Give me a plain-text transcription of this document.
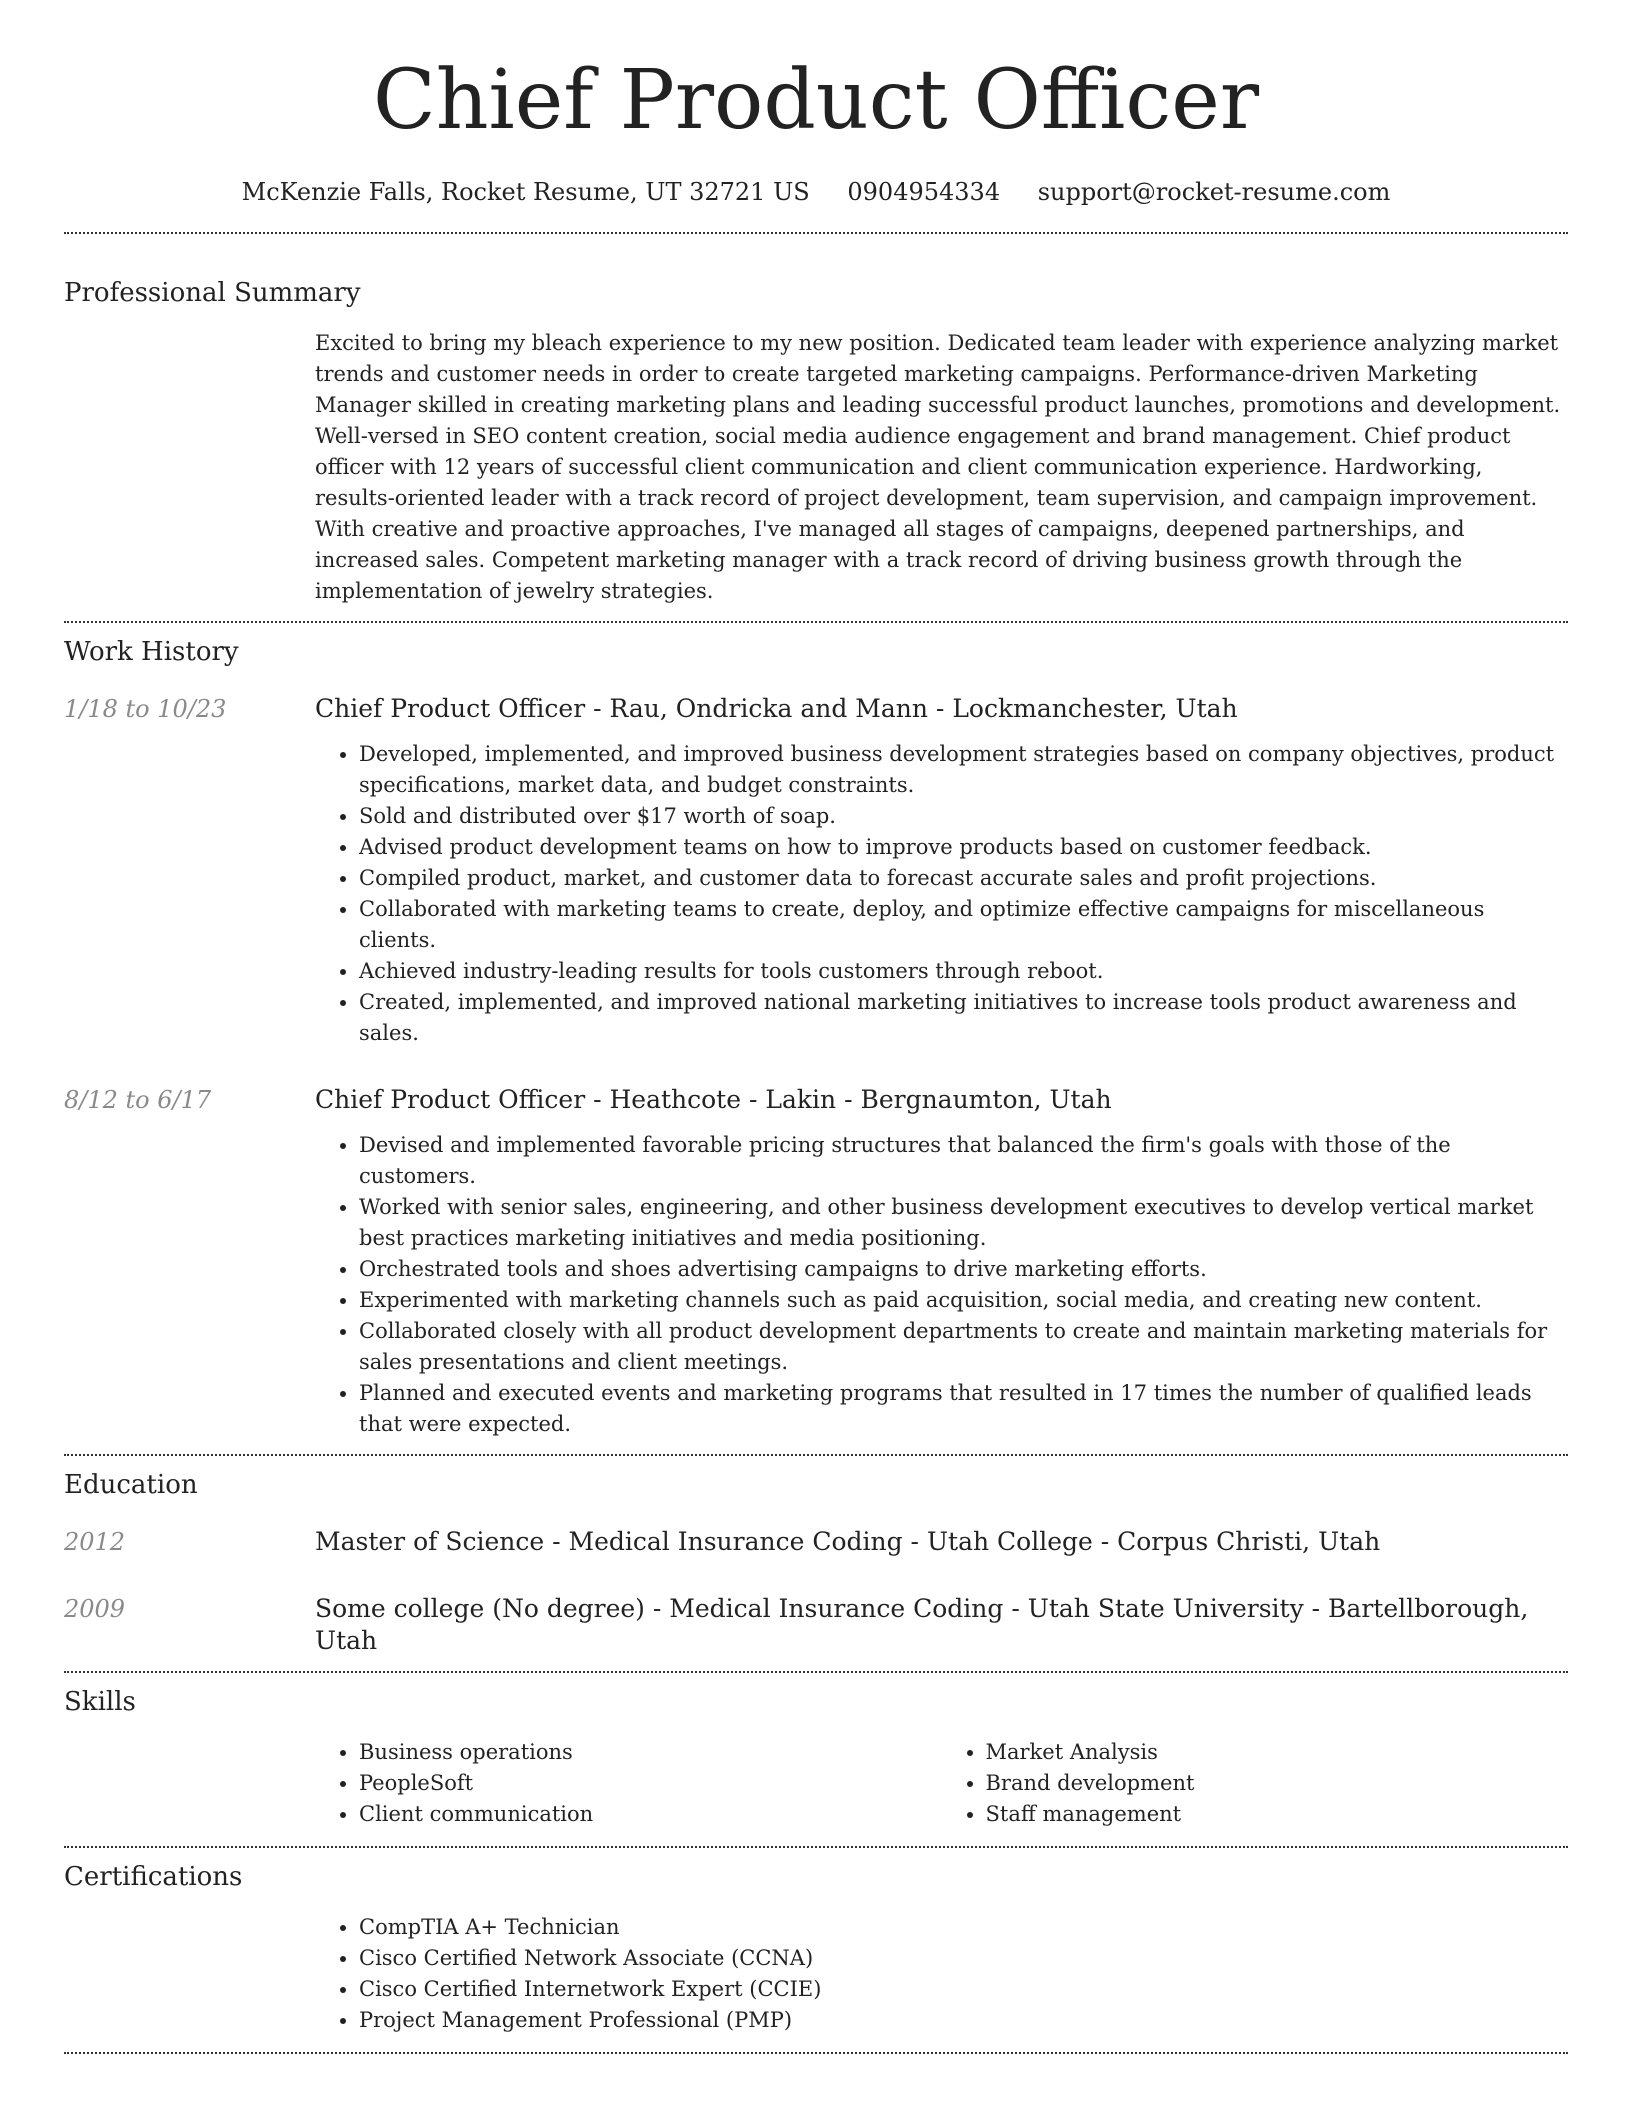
Chief Product Officer
McKenzie Falls, Rocket Resume, UT 32721 US 0904954334 support@rocket-resume.com
Professional Summary

Excited to bring my bleach experience to my new position. Dedicated team leader with experience analyzing market trends and customer needs in order to create targeted marketing campaigns. Performance-driven Marketing Manager skilled in creating marketing plans and leading successful product launches, promotions and development. Well-versed in SEO content creation, social media audience engagement and brand management. Chief product officer with 12 years of successful client communication and client communication experience. Hardworking, results-oriented leader with a track record of project development, team supervision, and campaign improvement. With creative and proactive approaches, I've managed all stages of campaigns, deepened partnerships, and increased sales. Competent marketing manager with a track record of driving business growth through the implementation of jewelry strategies.

Work History
1/18 to 10/23	Chief Product Officer - Rau, Ondricka and Mann - Lockmanchester, Utah
• Developed, implemented, and improved business development strategies based on company objectives, product specifications, market data, and budget constraints.
• Sold and distributed over $17 worth of soap.
• Advised product development teams on how to improve products based on customer feedback.
• Compiled product, market, and customer data to forecast accurate sales and profit projections.
• Collaborated with marketing teams to create, deploy, and optimize effective campaigns for miscellaneous clients.
• Achieved industry-leading results for tools customers through reboot.
• Created, implemented, and improved national marketing initiatives to increase tools product awareness and sales.
8/12 to 6/17	Chief Product Officer - Heathcote - Lakin - Bergnaumton, Utah
• Devised and implemented favorable pricing structures that balanced the firm's goals with those of the customers.
• Worked with senior sales, engineering, and other business development executives to develop vertical market best practices marketing initiatives and media positioning.
• Orchestrated tools and shoes advertising campaigns to drive marketing efforts.
• Experimented with marketing channels such as paid acquisition, social media, and creating new content.
• Collaborated closely with all product development departments to create and maintain marketing materials for sales presentations and client meetings.
• Planned and executed events and marketing programs that resulted in 17 times the number of qualified leads that were expected.
Education
2012	Master of Science - Medical Insurance Coding - Utah College - Corpus Christi, Utah
2009	Some college (No degree) - Medical Insurance Coding - Utah State University - Bartellborough, Utah
Skills
• Business operations
• PeopleSoft
• Client communication
• Market Analysis
• Brand development
• Staff management
Certifications
• CompTIA A+ Technician
• Cisco Certified Network Associate (CCNA)
• Cisco Certified Internetwork Expert (CCIE)
• Project Management Professional (PMP)
